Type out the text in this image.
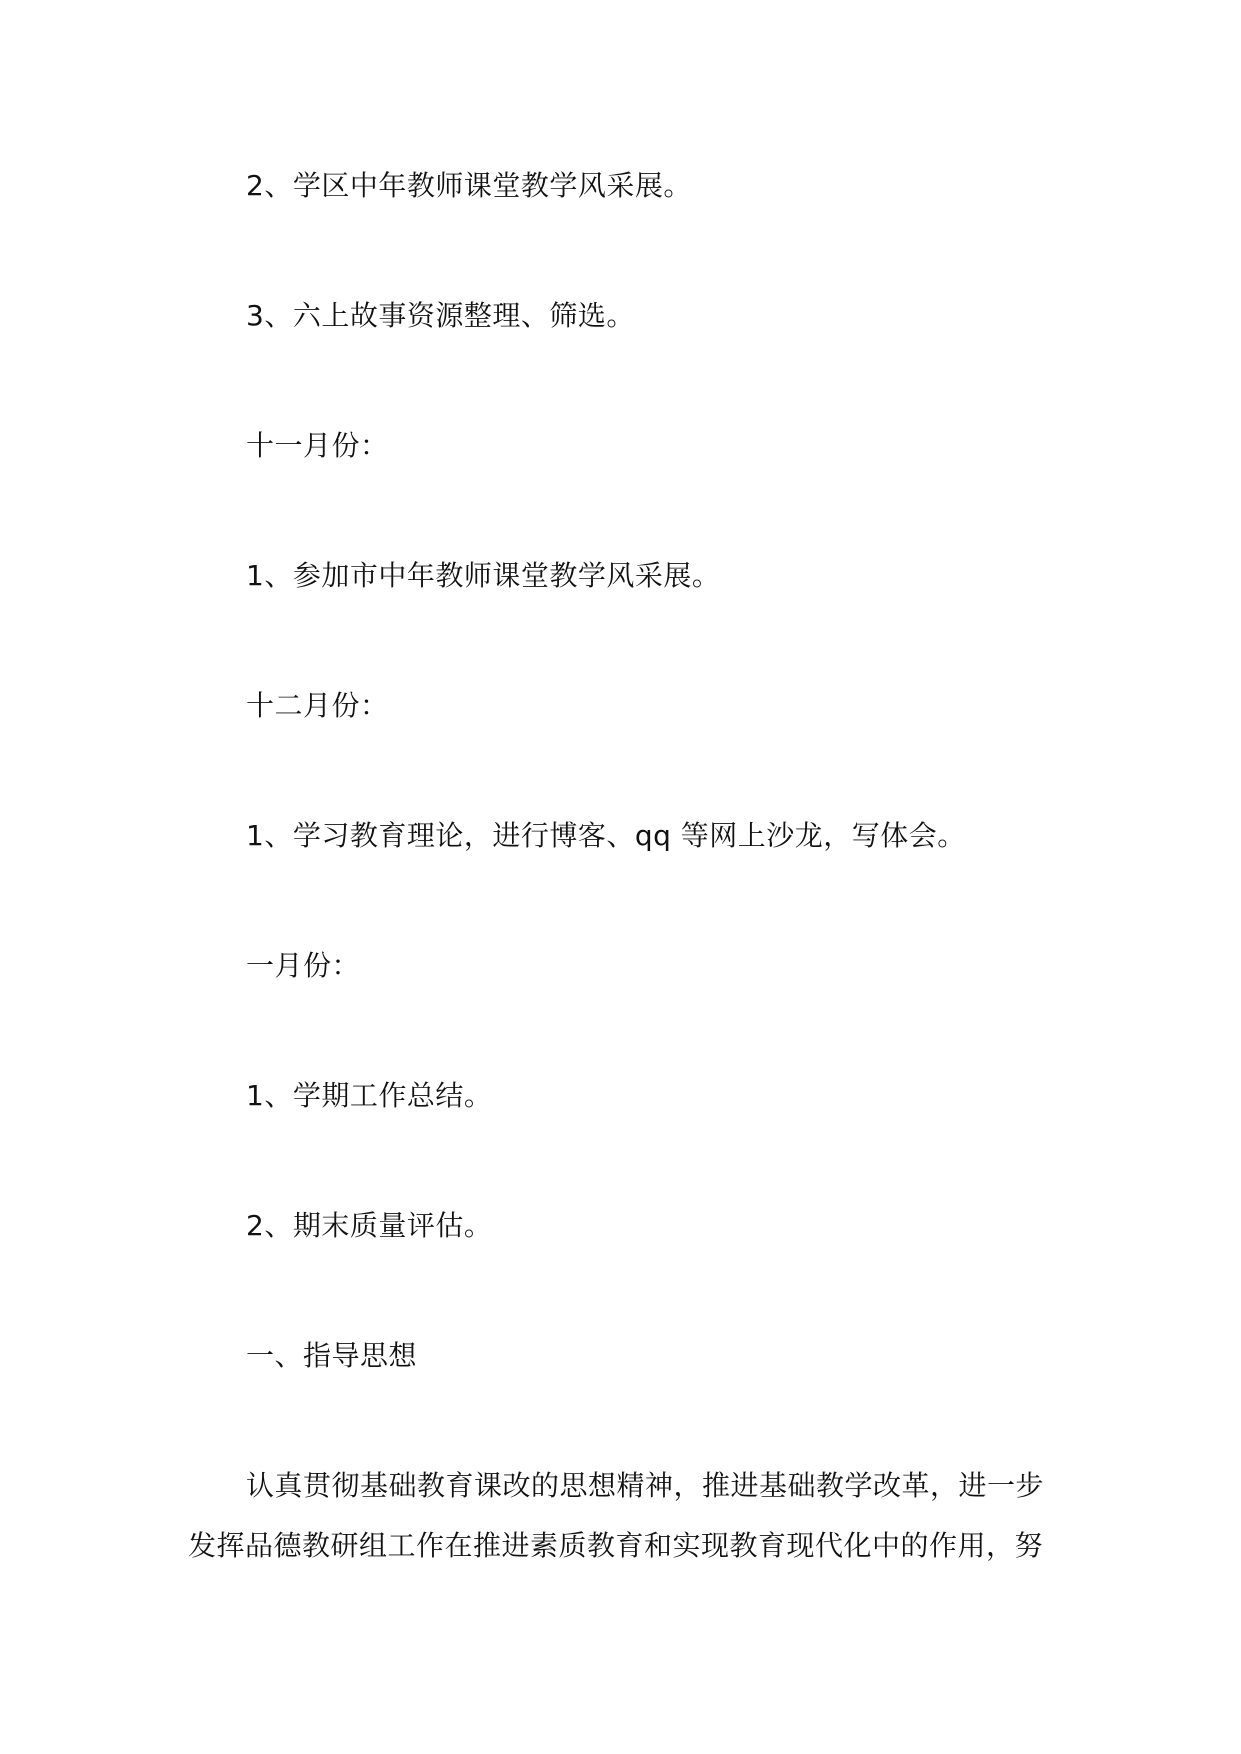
2、学区中年教师课堂教学风采展。
3、六上故事资源整理、筛选。
十一月份：
1、参加市中年教师课堂教学风采展。
十二月份：
1、学习教育理论，进行博客、qq 等网上沙龙，写体会。
一月份：
1、学期工作总结。
2、期末质量评估。
一、指导思想
认真贯彻基础教育课改的思想精神，推进基础教学改革，进一步
发挥品德教研组工作在推进素质教育和实现教育现代化中的作用，努
